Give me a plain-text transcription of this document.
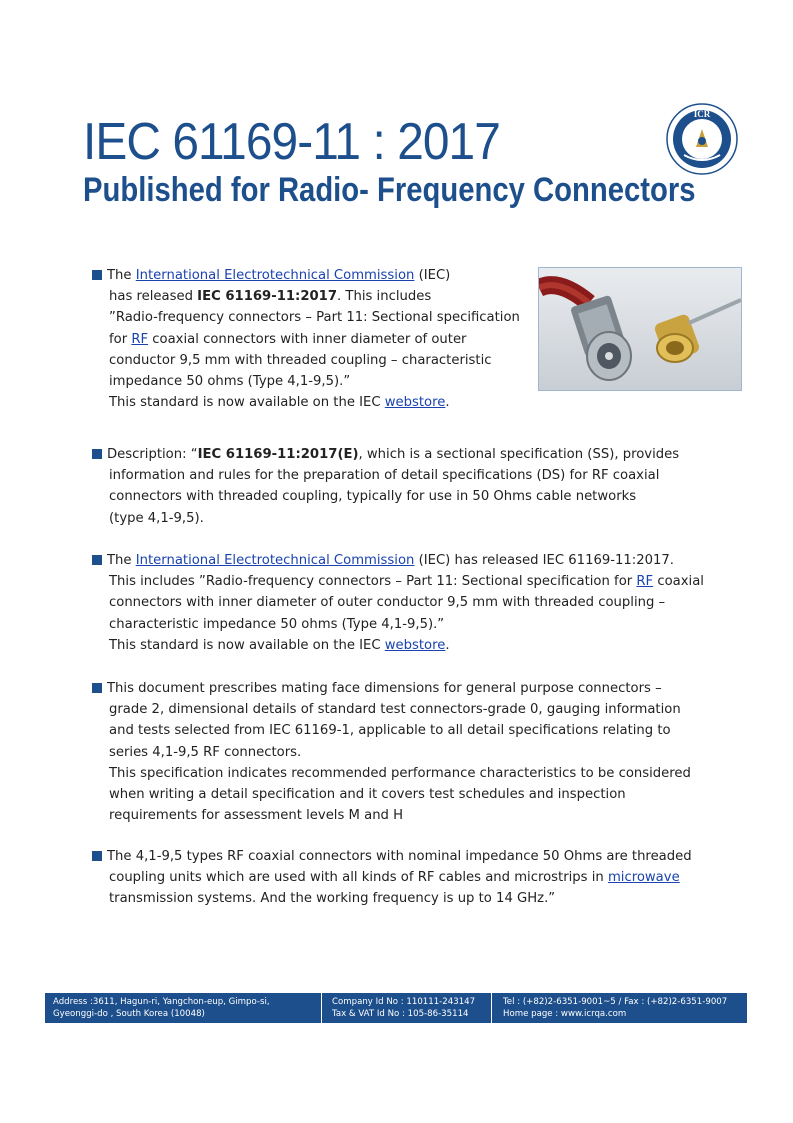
IEC 61169-11 : 2017
Published for Radio- Frequency Connectors
ICR
The International Electrotechnical Commission (IEC)
has released IEC 61169-11:2017. This includes
”Radio-frequency connectors – Part 11: Sectional specification
for RF coaxial connectors with inner diameter of outer
conductor 9,5 mm with threaded coupling – characteristic
impedance 50 ohms (Type 4,1-9,5).”
This standard is now available on the IEC webstore.
Description: “IEC 61169-11:2017(E), which is a sectional specification (SS), provides
information and rules for the preparation of detail specifications (DS) for RF coaxial
connectors with threaded coupling, typically for use in 50 Ohms cable networks
(type 4,1-9,5).
The International Electrotechnical Commission (IEC) has released IEC 61169-11:2017.
This includes ”Radio-frequency connectors – Part 11: Sectional specification for RF coaxial
connectors with inner diameter of outer conductor 9,5 mm with threaded coupling –
characteristic impedance 50 ohms (Type 4,1-9,5).”
This standard is now available on the IEC webstore.
This document prescribes mating face dimensions for general purpose connectors –
grade 2, dimensional details of standard test connectors-grade 0, gauging information
and tests selected from IEC 61169-1, applicable to all detail specifications relating to
series 4,1-9,5 RF connectors.
This specification indicates recommended performance characteristics to be considered
when writing a detail specification and it covers test schedules and inspection
requirements for assessment levels M and H
The 4,1-9,5 types RF coaxial connectors with nominal impedance 50 Ohms are threaded
coupling units which are used with all kinds of RF cables and microstrips in microwave
transmission systems. And the working frequency is up to 14 GHz.”
Address :3611, Hagun-ri, Yangchon-eup, Gimpo-si,
Gyeonggi-do , South Korea (10048)
Company Id No : 110111-243147
Tax & VAT Id No : 105-86-35114
Tel : (+82)2-6351-9001~5 / Fax : (+82)2-6351-9007
Home page : www.icrqa.com
